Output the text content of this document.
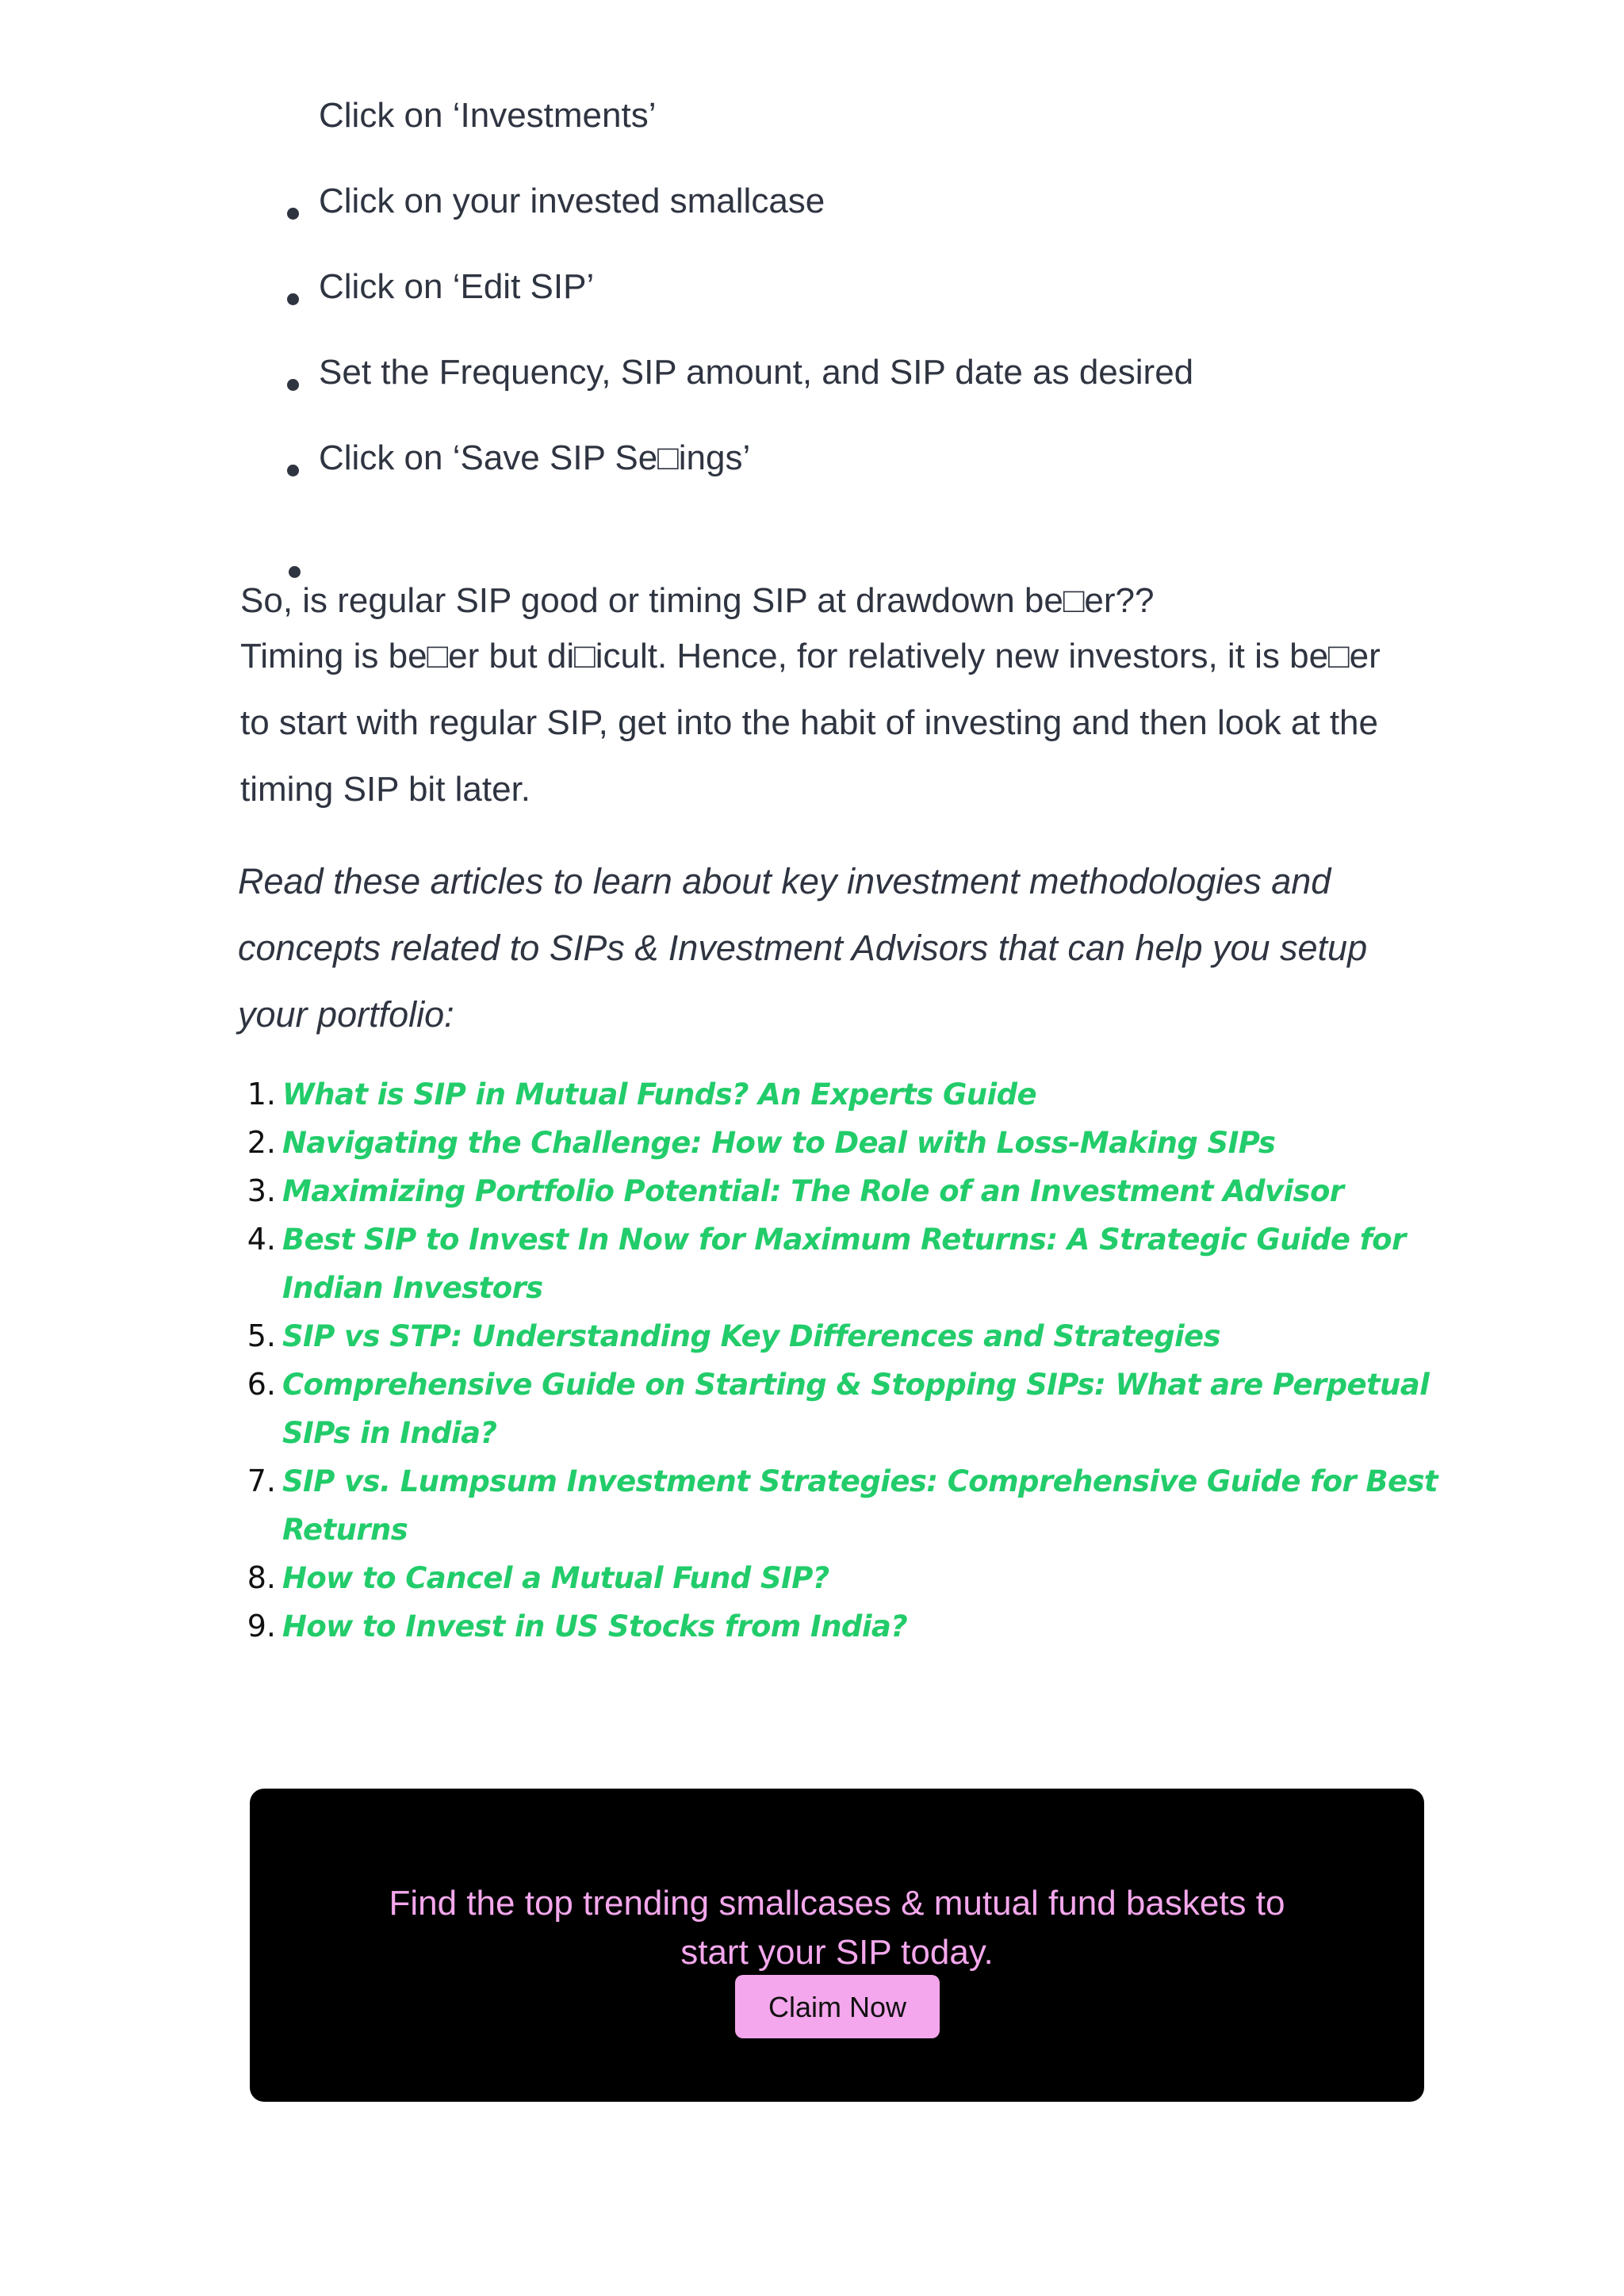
Click on ‘Investments’
Click on your invested smallcase
Click on ‘Edit SIP’
Set the Frequency, SIP amount, and SIP date as desired
Click on ‘Save SIP Se□ings’

So, is regular SIP good or timing SIP at drawdown be□er??

Timing is be□er but di□icult. Hence, for relatively new investors, it is be□er to start with regular SIP, get into the habit of investing and then look at the timing SIP bit later.

Read these articles to learn about key investment methodologies and concepts related to SIPs & Investment Advisors that can help you setup your portfolio:

What is SIP in Mutual Funds? An Experts Guide
Navigating the Challenge: How to Deal with Loss-Making SIPs
Maximizing Portfolio Potential: The Role of an Investment Advisor
Best SIP to Invest In Now for Maximum Returns: A Strategic Guide for Indian Investors
SIP vs STP: Understanding Key Differences and Strategies
Comprehensive Guide on Starting & Stopping SIPs: What are Perpetual SIPs in India?
SIP vs. Lumpsum Investment Strategies: Comprehensive Guide for Best Returns
How to Cancel a Mutual Fund SIP?
How to Invest in US Stocks from India?
Find the top trending smallcases & mutual fund baskets to
start your SIP today.
Claim Now
